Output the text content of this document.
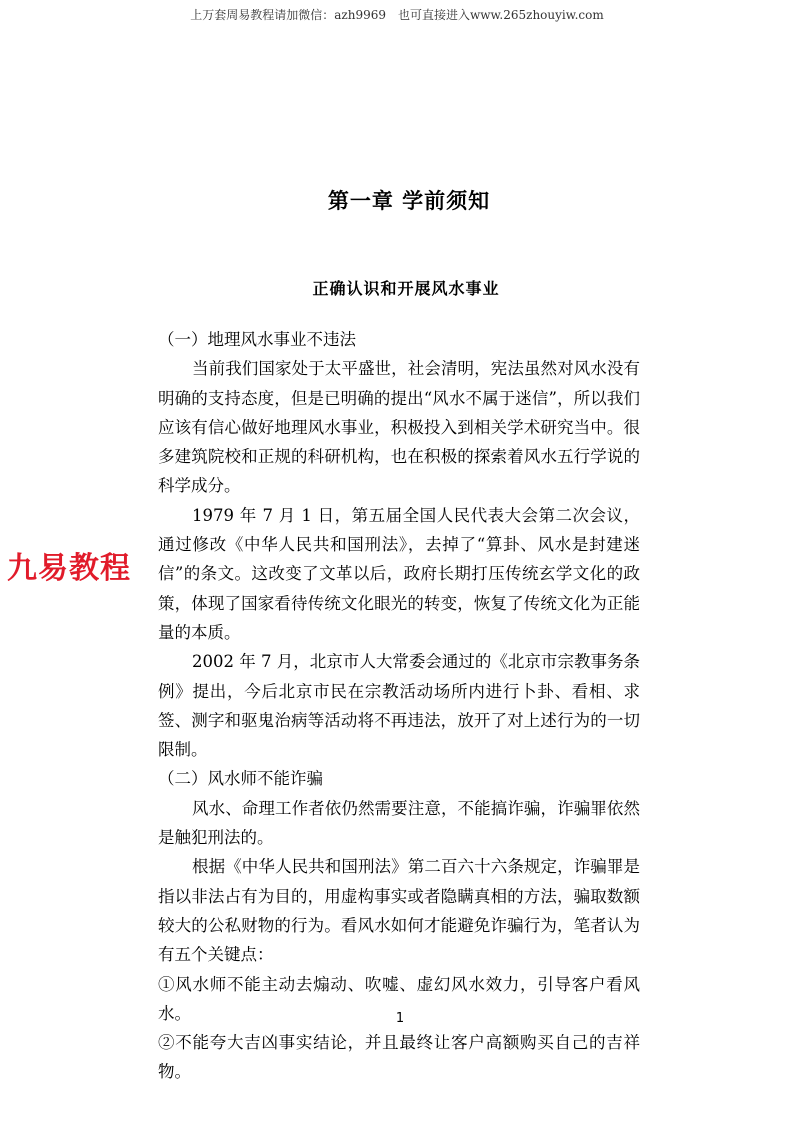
上万套周易教程请加微信：azh9969　也可直接进入www.265zhouyiw.com
第一章 学前须知
正确认识和开展风水事业
九易教程

（一）地理风水事业不违法

当前我们国家处于太平盛世，社会清明，宪法虽然对风水没有明确的支持态度，但是已明确的提出“风水不属于迷信”，所以我们应该有信心做好地理风水事业，积极投入到相关学术研究当中。很多建筑院校和正规的科研机构，也在积极的探索着风水五行学说的科学成分。

1979 年 7 月 1 日，第五届全国人民代表大会第二次会议，通过修改《中华人民共和国刑法》，去掉了“算卦、风水是封建迷信”的条文。这改变了文革以后，政府长期打压传统玄学文化的政策，体现了国家看待传统文化眼光的转变，恢复了传统文化为正能量的本质。

2002 年 7 月，北京市人大常委会通过的《北京市宗教事务条例》提出，今后北京市民在宗教活动场所内进行卜卦、看相、求签、测字和驱鬼治病等活动将不再违法，放开了对上述行为的一切限制。

（二）风水师不能诈骗

风水、命理工作者依仍然需要注意，不能搞诈骗，诈骗罪依然是触犯刑法的。

根据《中华人民共和国刑法》第二百六十六条规定，诈骗罪是指以非法占有为目的，用虚构事实或者隐瞒真相的方法，骗取数额较大的公私财物的行为。看风水如何才能避免诈骗行为，笔者认为有五个关键点：

①风水师不能主动去煽动、吹嘘、虚幻风水效力，引导客户看风水。

②不能夸大吉凶事实结论，并且最终让客户高额购买自己的吉祥物。

1
